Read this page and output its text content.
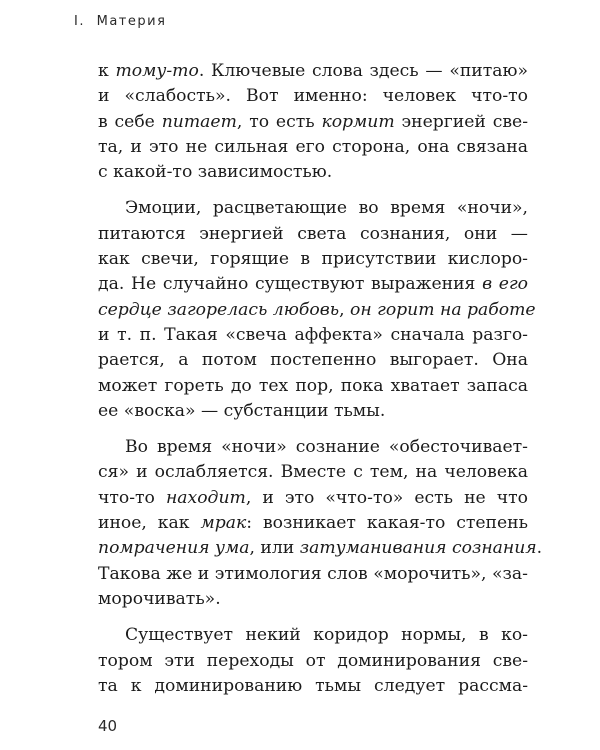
I. Материя
к тому-то. Ключевые слова здесь — «питаю»
и «слабость». Вот именно: человек что-то
в себе питает, то есть кормит энергией све-
та, и это не сильная его сторона, она связана
с какой-то зависимостью.
Эмоции, расцветающие во время «ночи»,
питаются энергией света сознания, они —
как свечи, горящие в присутствии кислоро-
да. Не случайно существуют выражения в его
сердце загорелась любовь, он горит на работе
и т. п. Такая «свеча аффекта» сначала разго-
рается, а потом постепенно выгорает. Она
может гореть до тех пор, пока хватает запаса
ее «воска» — субстанции тьмы.
Во время «ночи» сознание «обесточивает-
ся» и ослабляется. Вместе с тем, на человека
что-то находит, и это «что-то» есть не что
иное, как мрак: возникает какая-то степень
помрачения ума, или затуманивания сознания.
Такова же и этимология слов «морочить», «за-
морочивать».
Существует некий коридор нормы, в ко-
тором эти переходы от доминирования све-
та к доминированию тьмы следует рассма-
40
